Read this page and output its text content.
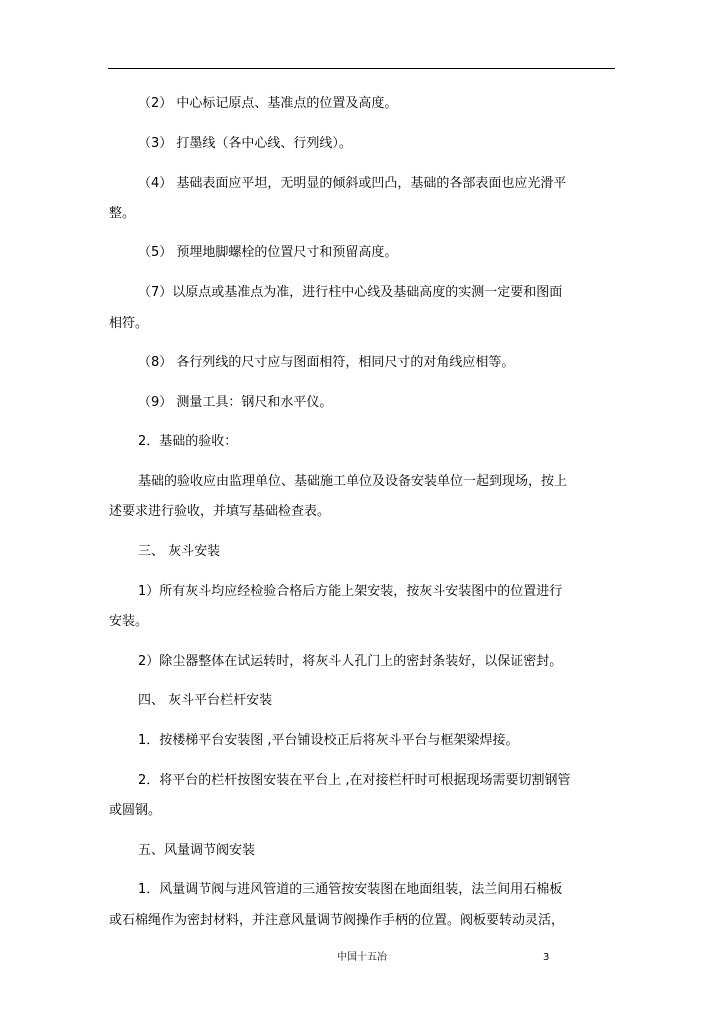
（2） 中心标记原点、基准点的位置及高度。
（3） 打墨线（各中心线、行列线）。
（4） 基础表面应平坦，无明显的倾斜或凹凸，基础的各部表面也应光滑平
整。
（5） 预埋地脚螺栓的位置尺寸和预留高度。
（7）以原点或基准点为准，进行柱中心线及基础高度的实测一定要和图面
相符。
（8） 各行列线的尺寸应与图面相符，相同尺寸的对角线应相等。
（9） 测量工具：钢尺和水平仪。
2．基础的验收：
基础的验收应由监理单位、基础施工单位及设备安装单位一起到现场，按上
述要求进行验收，并填写基础检查表。
三、 灰斗安装
1）所有灰斗均应经检验合格后方能上架安装，按灰斗安装图中的位置进行
安装。
2）除尘器整体在试运转时，将灰斗人孔门上的密封条装好，以保证密封。
四、 灰斗平台栏杆安装
1．按楼梯平台安装图 ,平台铺设校正后将灰斗平台与框架梁焊接。
2．将平台的栏杆按图安装在平台上 ,在对接栏杆时可根据现场需要切割钢管
或圆钢。
五、风量调节阀安装
1．风量调节阀与进风管道的三通管按安装图在地面组装，法兰间用石棉板
或石棉绳作为密封材料，并注意风量调节阀操作手柄的位置。阀板要转动灵活，
中国十五冶	3
